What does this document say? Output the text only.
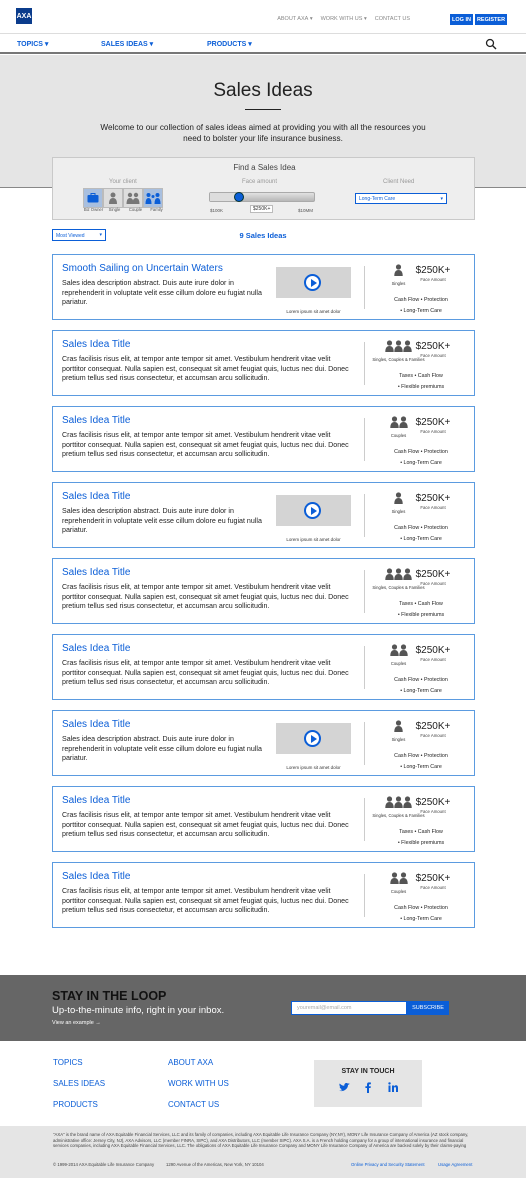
AXA	ABOUT AXA ▾ WORK WITH US ▾ CONTACT US	LOG IN	REGISTER
TOPICS ▾	SALES IDEAS ▾	PRODUCTS ▾
Sales Ideas
Welcome to our collection of sales ideas aimed at providing you with all the resources you need to bolster your life insurance business.
Find a Sales Idea
Your client
Biz Owner	Single	Couple	Family
Face amount
$250K+
$100K	$10MM
Client Need
Long-Term Care	▾
Most Viewed	▾	9 Sales Ideas
Smooth Sailing on Uncertain Waters
Sales idea description abstract. Duis aute irure dolor in reprehenderit in voluptate velit esse cillum dolore eu fugiat nulla pariatur.
Lorem ipsum sit amet dolor
Singles
$250K+
Face Amount
Cash Flow • Protection
• Long-Term Care
Sales Idea Title
Cras facilisis risus elit, at tempor ante tempor sit amet. Vestibulum hendrerit vitae velit porttitor consequat. Nulla sapien est, consequat sit amet feugiat quis, luctus nec dui. Donec pretium tellus sed risus consectetur, et accumsan arcu sollicitudin.
Singles, Couples & Families
$250K+
Face Amount
Taxes • Cash Flow
• Flexible premiums
Sales Idea Title
Cras facilisis risus elit, at tempor ante tempor sit amet. Vestibulum hendrerit vitae velit porttitor consequat. Nulla sapien est, consequat sit amet feugiat quis, luctus nec dui. Donec pretium tellus sed risus consectetur, et accumsan arcu sollicitudin.
Couples
$250K+
Face Amount
Cash Flow • Protection
• Long-Term Care
Sales Idea Title
Sales idea description abstract. Duis aute irure dolor in reprehenderit in voluptate velit esse cillum dolore eu fugiat nulla pariatur.
Lorem ipsum sit amet dolor
Singles
$250K+
Face Amount
Cash Flow • Protection
• Long-Term Care
Sales Idea Title
Cras facilisis risus elit, at tempor ante tempor sit amet. Vestibulum hendrerit vitae velit porttitor consequat. Nulla sapien est, consequat sit amet feugiat quis, luctus nec dui. Donec pretium tellus sed risus consectetur, et accumsan arcu sollicitudin.
Singles, Couples & Families
$250K+
Face Amount
Taxes • Cash Flow
• Flexible premiums
Sales Idea Title
Cras facilisis risus elit, at tempor ante tempor sit amet. Vestibulum hendrerit vitae velit porttitor consequat. Nulla sapien est, consequat sit amet feugiat quis, luctus nec dui. Donec pretium tellus sed risus consectetur, et accumsan arcu sollicitudin.
Couples
$250K+
Face Amount
Cash Flow • Protection
• Long-Term Care
Sales Idea Title
Sales idea description abstract. Duis aute irure dolor in reprehenderit in voluptate velit esse cillum dolore eu fugiat nulla pariatur.
Lorem ipsum sit amet dolor
Singles
$250K+
Face Amount
Cash Flow • Protection
• Long-Term Care
Sales Idea Title
Cras facilisis risus elit, at tempor ante tempor sit amet. Vestibulum hendrerit vitae velit porttitor consequat. Nulla sapien est, consequat sit amet feugiat quis, luctus nec dui. Donec pretium tellus sed risus consectetur, et accumsan arcu sollicitudin.
Singles, Couples & Families
$250K+
Face Amount
Taxes • Cash Flow
• Flexible premiums
Sales Idea Title
Cras facilisis risus elit, at tempor ante tempor sit amet. Vestibulum hendrerit vitae velit porttitor consequat. Nulla sapien est, consequat sit amet feugiat quis, luctus nec dui. Donec pretium tellus sed risus consectetur, et accumsan arcu sollicitudin.
Couples
$250K+
Face Amount
Cash Flow • Protection
• Long-Term Care
STAY IN THE LOOP
Up-to-the-minute info, right in your inbox.
View an example →
youremail@email.com	SUBSCRIBE
TOPICS
SALES IDEAS
PRODUCTS
ABOUT AXA
WORK WITH US
CONTACT US
STAY IN TOUCH
"AXA" is the brand name of AXA Equitable Financial Services, LLC and its family of companies, including AXA Equitable Life Insurance Company (NY,NY), MONY Life Insurance Company of America (AZ stock company, administrative office: Jersey City, NJ), AXA Advisors, LLC (member FINRA, SIPC), and AXA Distributors, LLC (member SIPC). AXA S.A. is a French holding company for a group of international insurance and financial services companies, including AXA Equitable Financial Services, LLC. The obligations of AXA Equitable Life Insurance Company and MONY Life Insurance Company of America are backed solely by their claims-paying
© 1999-2014 AXA Equitable Life Insurance Company	1290 Avenue of the Americas, New York, NY 10104	Online Privacy and Security Statement	Usage Agreement
